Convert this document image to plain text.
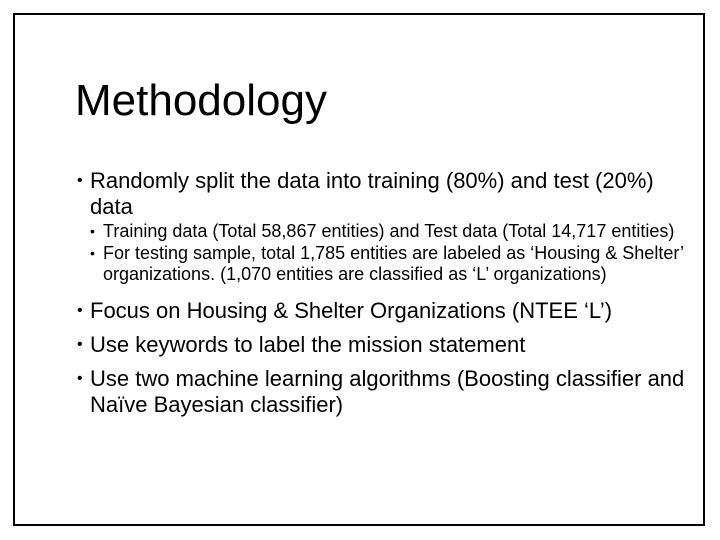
Methodology
• Randomly split the data into training (80%) and test (20%) data
• Training data (Total 58,867 entities) and Test data (Total 14,717 entities)
• For testing sample, total 1,785 entities are labeled as ‘Housing & Shelter’ organizations. (1,070 entities are classified as ‘L’ organizations)
• Focus on Housing & Shelter Organizations (NTEE ‘L’)
• Use keywords to label the mission statement
• Use two machine learning algorithms (Boosting classifier and Naïve Bayesian classifier)
